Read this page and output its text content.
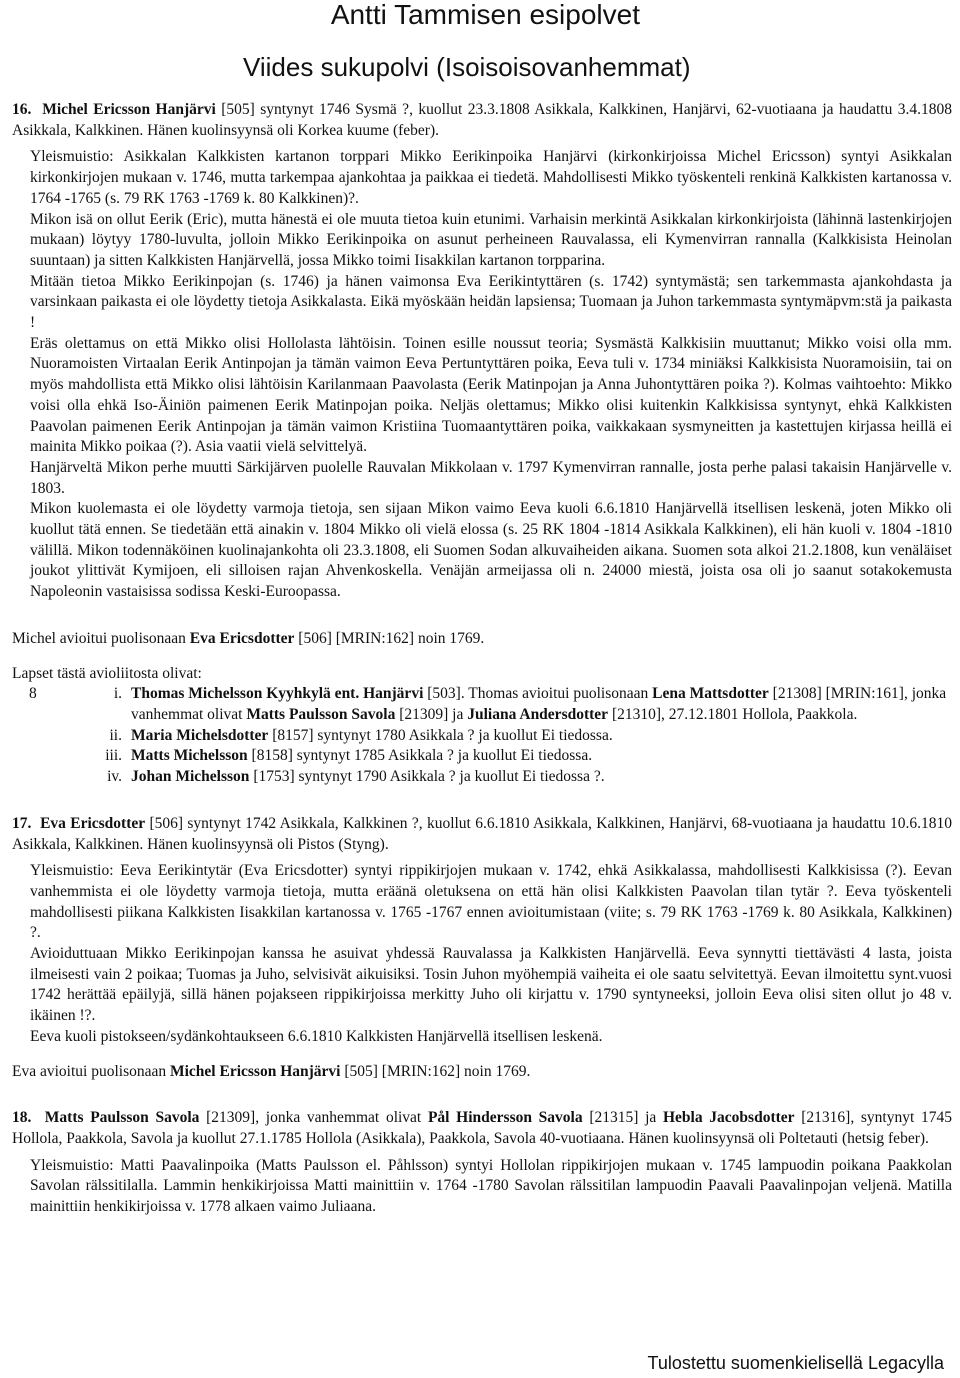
Antti Tammisen esipolvet
Viides sukupolvi (Isoisoisovanhemmat)
16. Michel Ericsson Hanjärvi [505] syntynyt 1746 Sysmä ?, kuollut 23.3.1808 Asikkala, Kalkkinen, Hanjärvi, 62-vuotiaana ja haudattu 3.4.1808 Asikkala, Kalkkinen. Hänen kuolinsyynsä oli Korkea kuume (feber).
Yleismuistio: Asikkalan Kalkkisten kartanon torppari Mikko Eerikinpoika Hanjärvi (kirkonkirjoissa Michel Ericsson) syntyi Asikkalan kirkonkirjojen mukaan v. 1746, mutta tarkempaa ajankohtaa ja paikkaa ei tiedetä. Mahdollisesti Mikko työskenteli renkinä Kalkkisten kartanossa v. 1764 -1765 (s. 79 RK 1763 -1769 k. 80 Kalkkinen)?.
Mikon isä on ollut Eerik (Eric), mutta hänestä ei ole muuta tietoa kuin etunimi. Varhaisin merkintä Asikkalan kirkonkirjoista (lähinnä lastenkirjojen mukaan) löytyy 1780-luvulta, jolloin Mikko Eerikinpoika on asunut perheineen Rauvalassa, eli Kymenvirran rannalla (Kalkkisista Heinolan suuntaan) ja sitten Kalkkisten Hanjärvellä, jossa Mikko toimi Iisakkilan kartanon torpparina.
Mitään tietoa Mikko Eerikinpojan (s. 1746) ja hänen vaimonsa Eva Eerikintyttären (s. 1742) syntymästä; sen tarkemmasta ajankohdasta ja varsinkaan paikasta ei ole löydetty tietoja Asikkalasta. Eikä myöskään heidän lapsiensa; Tuomaan ja Juhon tarkemmasta syntymäpvm:stä ja paikasta !
Eräs olettamus on että Mikko olisi Hollolasta lähtöisin. Toinen esille noussut teoria; Sysmästä Kalkkisiin muuttanut; Mikko voisi olla mm. Nuoramoisten Virtaalan Eerik Antinpojan ja tämän vaimon Eeva Pertuntyttären poika, Eeva tuli v. 1734 miniäksi Kalkkisista Nuoramoisiin, tai on myös mahdollista että Mikko olisi lähtöisin Karilanmaan Paavolasta (Eerik Matinpojan ja Anna Juhontyttären poika ?). Kolmas vaihtoehto: Mikko voisi olla ehkä Iso-Äiniön paimenen Eerik Matinpojan poika. Neljäs olettamus; Mikko olisi kuitenkin Kalkkisissa syntynyt, ehkä Kalkkisten Paavolan paimenen Eerik Antinpojan ja tämän vaimon Kristiina Tuomaantyttären poika, vaikkakaan sysmyneitten ja kastettujen kirjassa heillä ei mainita Mikko poikaa (?). Asia vaatii vielä selvittelyä.
Hanjärveltä Mikon perhe muutti Särkijärven puolelle Rauvalan Mikkolaan v. 1797 Kymenvirran rannalle, josta perhe palasi takaisin Hanjärvelle v. 1803.
Mikon kuolemasta ei ole löydetty varmoja tietoja, sen sijaan Mikon vaimo Eeva kuoli 6.6.1810 Hanjärvellä itsellisen leskenä, joten Mikko oli kuollut tätä ennen. Se tiedetään että ainakin v. 1804 Mikko oli vielä elossa (s. 25 RK 1804 -1814 Asikkala Kalkkinen), eli hän kuoli v. 1804 -1810 välillä. Mikon todennäköinen kuolinajankohta oli 23.3.1808, eli Suomen Sodan alkuvaiheiden aikana. Suomen sota alkoi 21.2.1808, kun venäläiset joukot ylittivät Kymijoen, eli silloisen rajan Ahvenkoskella. Venäjän armeijassa oli n. 24000 miestä, joista osa oli jo saanut sotakokemusta Napoleonin vastaisissa sodissa Keski-Euroopassa.
Michel avioitui puolisonaan Eva Ericsdotter [506] [MRIN:162] noin 1769.
Lapset tästä avioliitosta olivat:
8	i. Thomas Michelsson Kyyhkylä ent. Hanjärvi [503]. Thomas avioitui puolisonaan Lena Mattsdotter [21308] [MRIN:161], jonka vanhemmat olivat Matts Paulsson Savola [21309] ja Juliana Andersdotter [21310], 27.12.1801 Hollola, Paakkola.
ii. Maria Michelsdotter [8157] syntynyt 1780 Asikkala ? ja kuollut Ei tiedossa.
iii. Matts Michelsson [8158] syntynyt 1785 Asikkala ? ja kuollut Ei tiedossa.
iv. Johan Michelsson [1753] syntynyt 1790 Asikkala ? ja kuollut Ei tiedossa ?.
17. Eva Ericsdotter [506] syntynyt 1742 Asikkala, Kalkkinen ?, kuollut 6.6.1810 Asikkala, Kalkkinen, Hanjärvi, 68-vuotiaana ja haudattu 10.6.1810 Asikkala, Kalkkinen. Hänen kuolinsyynsä oli Pistos (Styng).
Yleismuistio: Eeva Eerikintytär (Eva Ericsdotter) syntyi rippikirjojen mukaan v. 1742, ehkä Asikkalassa, mahdollisesti Kalkkisissa (?). Eevan vanhemmista ei ole löydetty varmoja tietoja, mutta eräänä oletuksena on että hän olisi Kalkkisten Paavolan tilan tytär ?. Eeva työskenteli mahdollisesti piikana Kalkkisten Iisakkilan kartanossa v. 1765 -1767 ennen avioitumistaan (viite; s. 79 RK 1763 -1769 k. 80 Asikkala, Kalkkinen) ?.
Avioiduttuaan Mikko Eerikinpojan kanssa he asuivat yhdessä Rauvalassa ja Kalkkisten Hanjärvellä. Eeva synnytti tiettävästi 4 lasta, joista ilmeisesti vain 2 poikaa; Tuomas ja Juho, selvisivät aikuisiksi. Tosin Juhon myöhempiä vaiheita ei ole saatu selvitettyä. Eevan ilmoitettu synt.vuosi 1742 herättää epäilyjä, sillä hänen pojakseen rippikirjoissa merkitty Juho oli kirjattu v. 1790 syntyneeksi, jolloin Eeva olisi siten ollut jo 48 v. ikäinen !?.
Eeva kuoli pistokseen/sydänkohtaukseen 6.6.1810 Kalkkisten Hanjärvellä itsellisen leskenä.
Eva avioitui puolisonaan Michel Ericsson Hanjärvi [505] [MRIN:162] noin 1769.
18. Matts Paulsson Savola [21309], jonka vanhemmat olivat Pål Hindersson Savola [21315] ja Hebla Jacobsdotter [21316], syntynyt 1745 Hollola, Paakkola, Savola ja kuollut 27.1.1785 Hollola (Asikkala), Paakkola, Savola 40-vuotiaana. Hänen kuolinsyynsä oli Poltetauti (hetsig feber).
Yleismuistio: Matti Paavalinpoika (Matts Paulsson el. Påhlsson) syntyi Hollolan rippikirjojen mukaan v. 1745 lampuodin poikana Paakkolan Savolan rälssitilalla. Lammin henkikirjoissa Matti mainittiin v. 1764 -1780 Savolan rälssitilan lampuodin Paavali Paavalinpojan veljenä. Matilla mainittiin henkikirjoissa v. 1778 alkaen vaimo Juliaana.
Tulostettu suomenkielisellä Legacylla
